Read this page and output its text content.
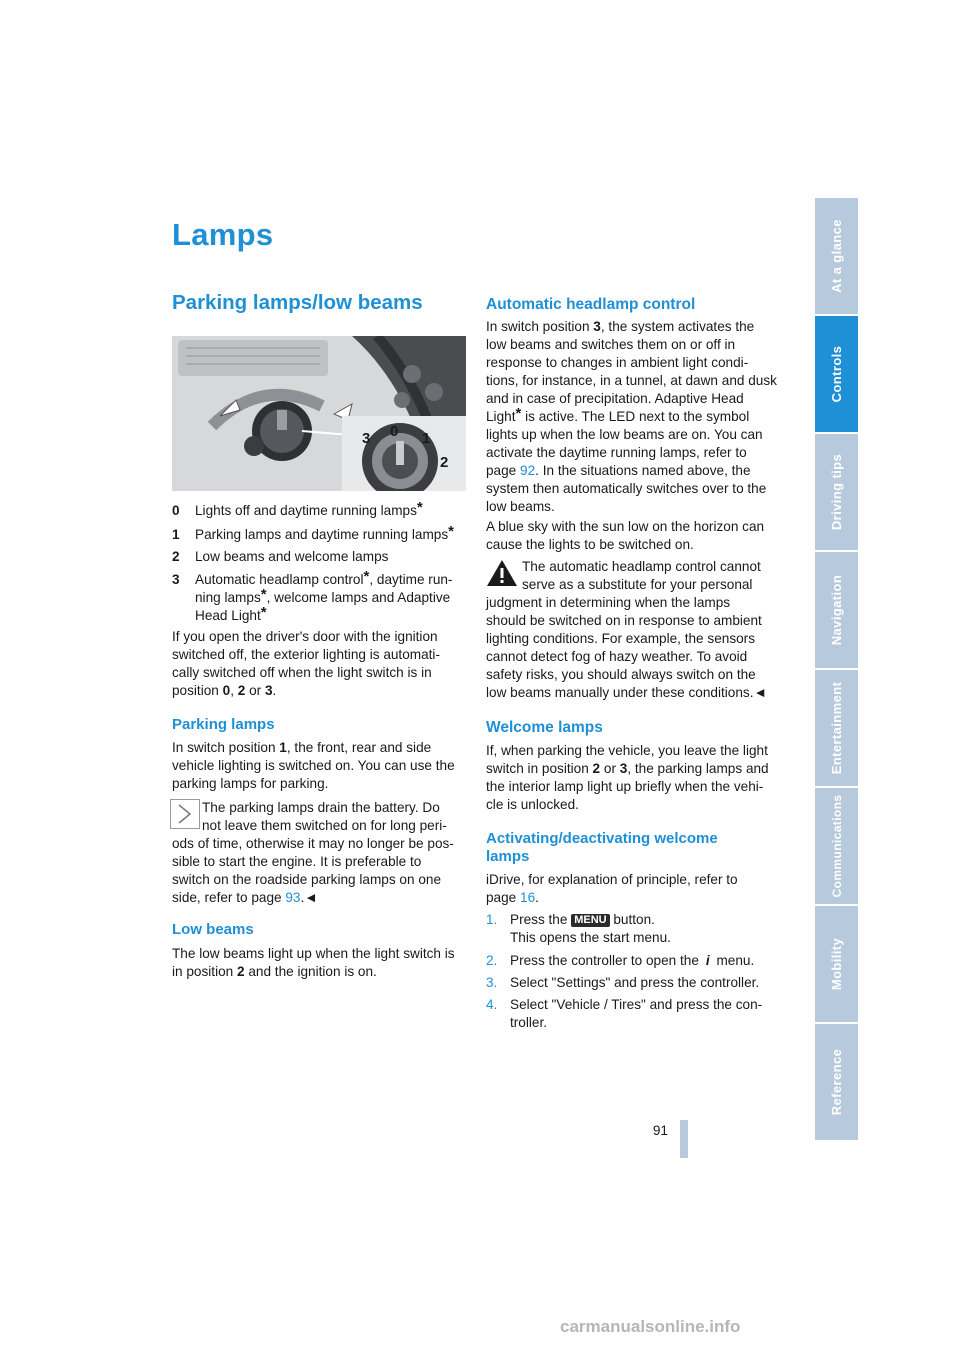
Lamps
Parking lamps/low beams
3 0 1
2
0 Lights off and daytime running lamps*
1 Parking lamps and daytime running lamps*
2 Low beams and welcome lamps
3 Automatic headlamp control*, daytime run-
ning lamps*, welcome lamps and Adaptive
Head Light*

If you open the driver's door with the ignition

switched off, the exterior lighting is automati-

cally switched off when the light switch is in

position 0, 2 or 3.

Parking lamps

In switch position 1, the front, rear and side

vehicle lighting is switched on. You can use the

parking lamps for parking.

The parking lamps drain the battery. Do

not leave them switched on for long peri-

ods of time, otherwise it may no longer be pos-

sible to start the engine. It is preferable to

switch on the roadside parking lamps on one

side, refer to page 93.◄

Low beams

The low beams light up when the light switch is

in position 2 and the ignition is on.

Automatic headlamp control

In switch position 3, the system activates the

low beams and switches them on or off in

response to changes in ambient light condi-

tions, for instance, in a tunnel, at dawn and dusk

and in case of precipitation. Adaptive Head

Light* is active. The LED next to the symbol

lights up when the low beams are on. You can

activate the daytime running lamps, refer to

page 92. In the situations named above, the

system then automatically switches over to the

low beams.

A blue sky with the sun low on the horizon can

cause the lights to be switched on.

The automatic headlamp control cannot

serve as a substitute for your personal

judgment in determining when the lamps

should be switched on in response to ambient

lighting conditions. For example, the sensors

cannot detect fog of hazy weather. To avoid

safety risks, you should always switch on the

low beams manually under these conditions.◄

Welcome lamps

If, when parking the vehicle, you leave the light

switch in position 2 or 3, the parking lamps and

the interior lamp light up briefly when the vehi-

cle is unlocked.

Activating/deactivating welcome
lamps

iDrive, for explanation of principle, refer to

page 16.

1. Press the MENU button.
This opens the start menu.
2. Press the controller to open the i menu.
3. Select "Settings" and press the controller.
4. Select "Vehicle / Tires" and press the con-
troller.
At a glance
Controls
Driving tips
Navigation
Entertainment
Communications
Mobility
Reference
91
carmanualsonline.info
